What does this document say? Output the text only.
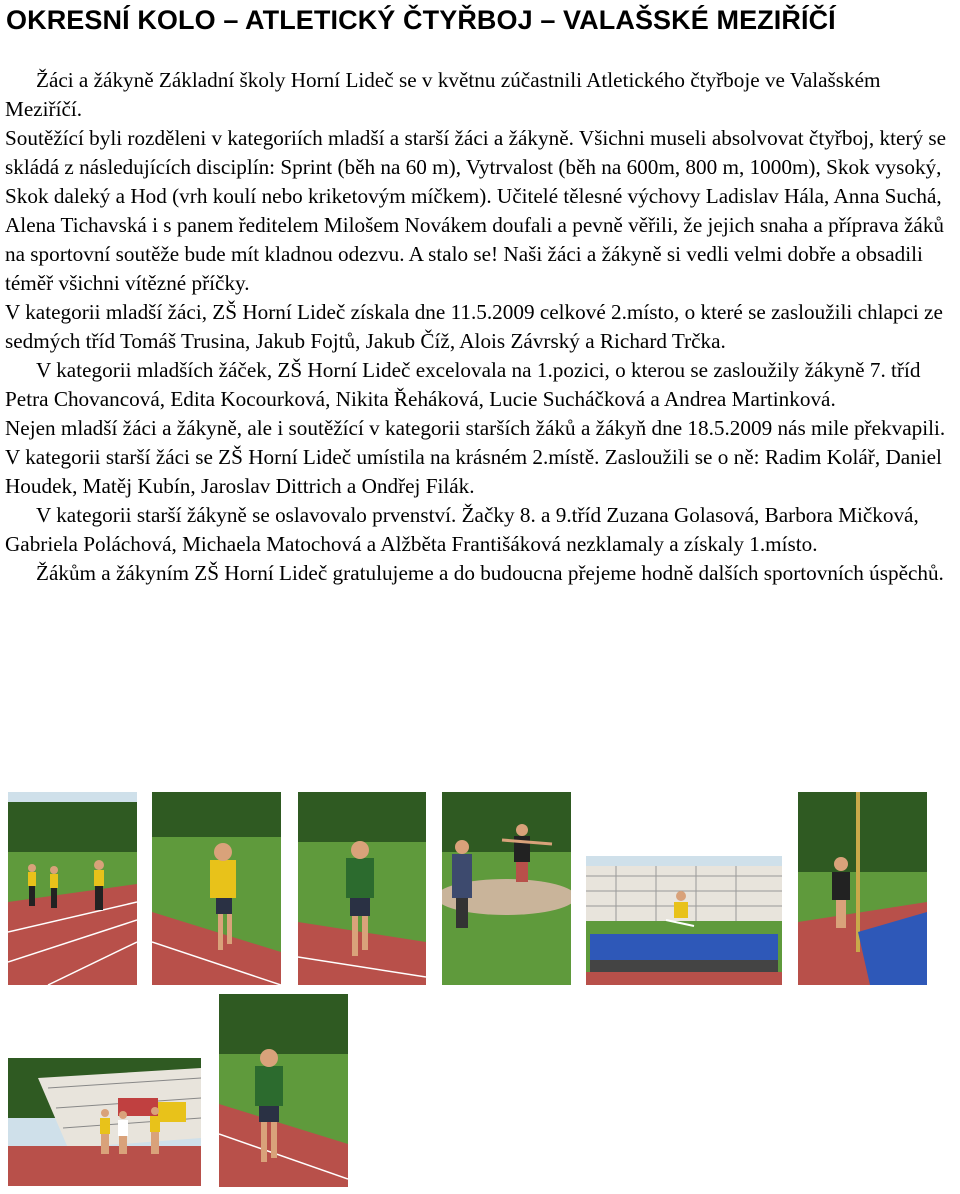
OKRESNÍ KOLO – ATLETICKÝ ČTYŘBOJ – VALAŠSKÉ MEZIŘÍČÍ

Žáci a žákyně Základní školy Horní Lideč se v květnu zúčastnili Atletického čtyřboje ve Valašském Meziříčí.

Soutěžící byli rozděleni v kategoriích mladší a starší žáci a žákyně. Všichni museli absolvovat čtyřboj, který se skládá z následujících disciplín: Sprint (běh na 60 m), Vytrvalost (běh na 600m, 800 m, 1000m), Skok vysoký, Skok daleký a Hod (vrh koulí nebo kriketovým míčkem). Učitelé tělesné výchovy Ladislav Hála, Anna Suchá, Alena Tichavská i s panem ředitelem Milošem Novákem doufali a pevně věřili, že jejich snaha a příprava žáků na sportovní soutěže bude mít kladnou odezvu. A stalo se! Naši žáci a žákyně si vedli velmi dobře a obsadili téměř všichni vítězné příčky.

V kategorii mladší žáci, ZŠ Horní Lideč získala dne 11.5.2009 celkové 2.místo, o které se zasloužili chlapci ze sedmých tříd Tomáš Trusina, Jakub Fojtů, Jakub Číž, Alois Závrský a Richard Trčka.

V kategorii mladších žáček, ZŠ Horní Lideč excelovala na 1.pozici, o kterou se zasloužily žákyně 7. tříd Petra Chovancová, Edita Kocourková, Nikita Řeháková, Lucie Sucháčková a Andrea Martinková.

Nejen mladší žáci a žákyně, ale i soutěžící v kategorii starších žáků a žákyň dne 18.5.2009 nás mile překvapili.

V kategorii starší žáci se ZŠ Horní Lideč umístila na krásném 2.místě. Zasloužili se o ně: Radim Kolář, Daniel Houdek, Matěj Kubín, Jaroslav Dittrich a Ondřej Filák.

V kategorii starší žákyně se oslavovalo prvenství. Žačky 8. a 9.tříd Zuzana Golasová, Barbora Mičková, Gabriela Poláchová, Michaela Matochová a Alžběta Františáková nezklamaly a získaly 1.místo.

Žákům a žákyním ZŠ Horní Lideč gratulujeme a do budoucna přejeme hodně dalších sportovních úspěchů.
